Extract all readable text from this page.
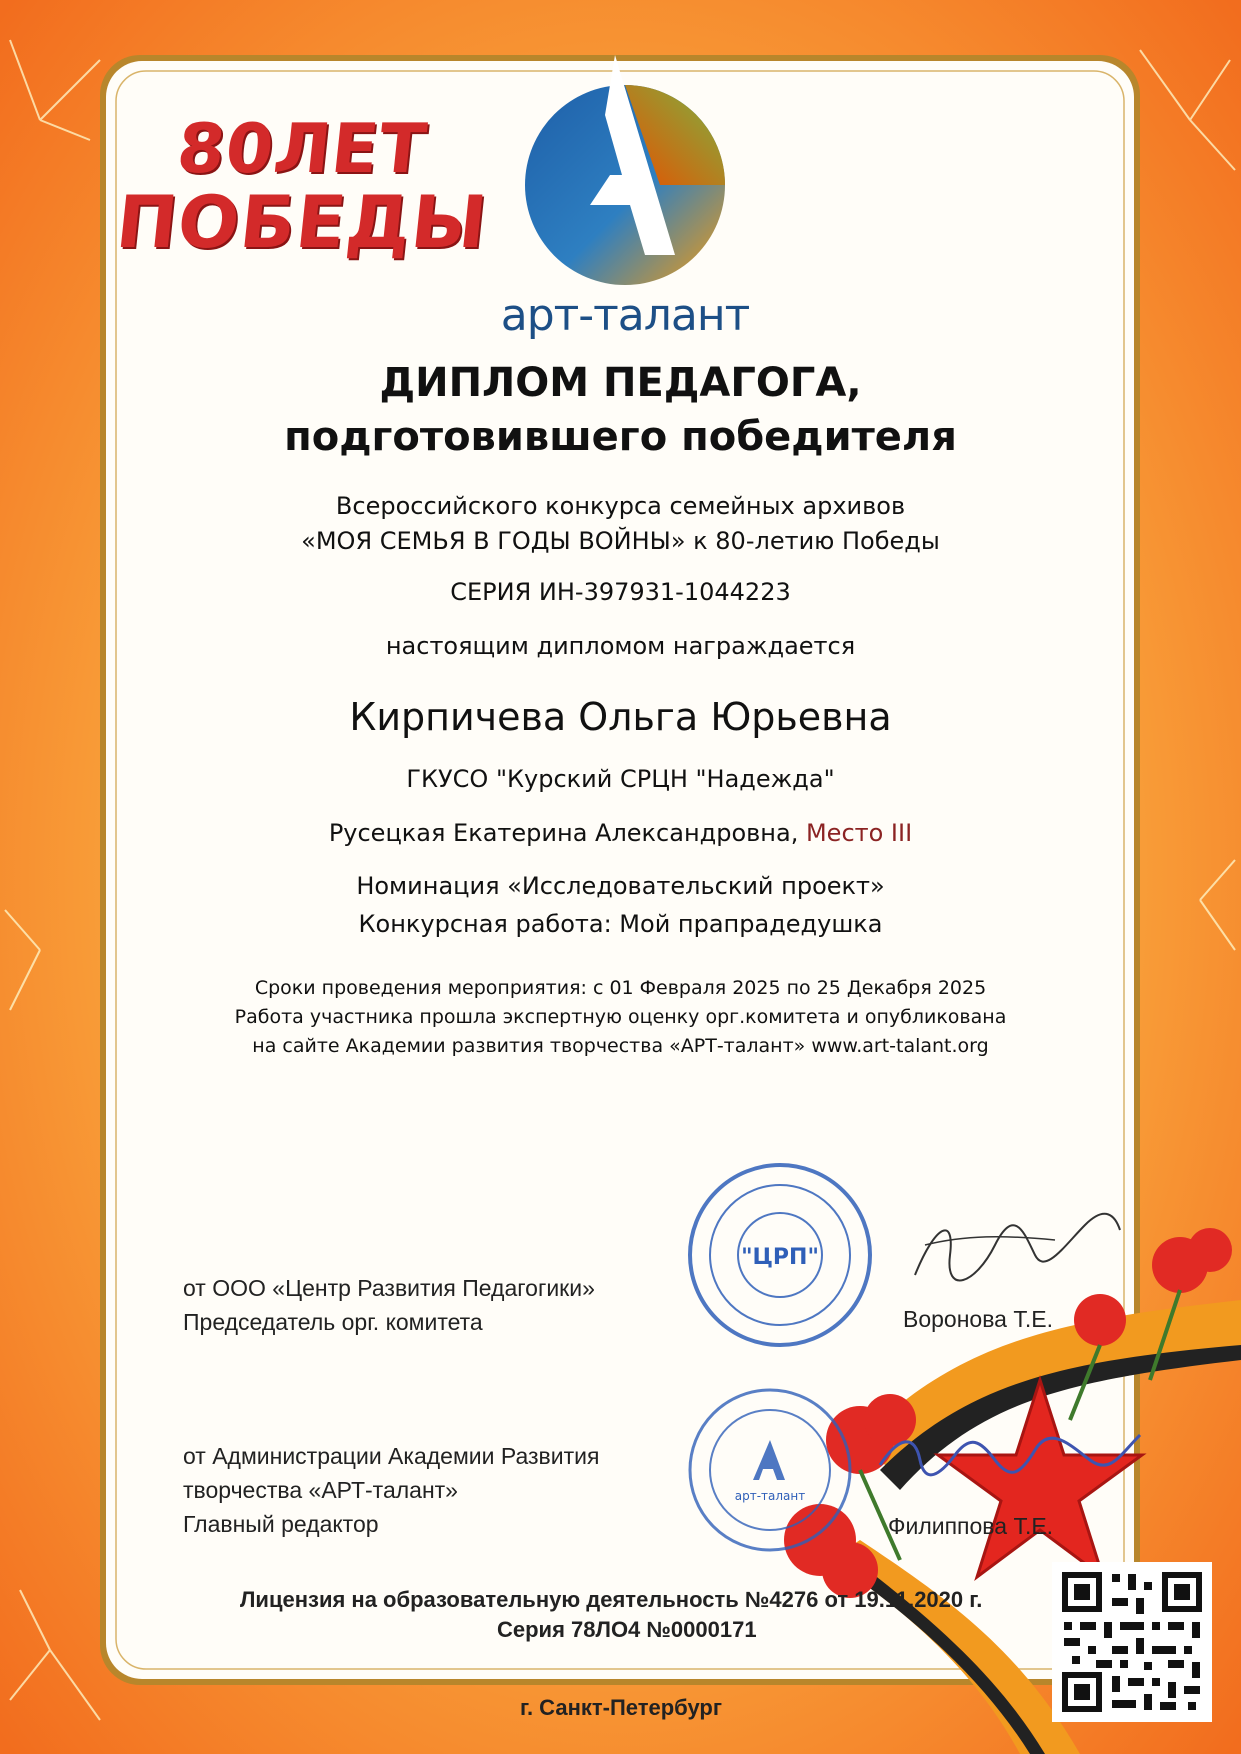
80ЛЕТ
ПОБЕДЫ
арт-талант
ДИПЛОМ ПЕДАГОГА,
подготовившего победителя
Всероссийского конкурса семейных архивов
«МОЯ СЕМЬЯ В ГОДЫ ВОЙНЫ» к 80-летию Победы
СЕРИЯ ИН-397931-1044223
настоящим дипломом награждается
Кирпичева Ольга Юрьевна
ГКУСО "Курский СРЦН "Надежда"
Русецкая Екатерина Александровна, Место III
Номинация «Исследовательский проект»
Конкурсная работа: Мой прапрадедушка
Сроки проведения мероприятия: с 01 Февраля 2025 по 25 Декабря 2025
Работа участника прошла экспертную оценку орг.комитета и опубликована
на сайте Академии развития творчества «АРТ-талант» www.art-talant.org
"ЦРП"
арт-талант
от ООО «Центр Развития Педагогики»
Председатель орг. комитета	Воронова Т.Е.
от Администрации Академии Развития
творчества «АРТ-талант»
Главный редактор	Филиппова Т.Е.
Лицензия на образовательную деятельность №4276 от 19.11.2020 г.
Серия 78ЛО4 №0000171
г. Санкт-Петербург
